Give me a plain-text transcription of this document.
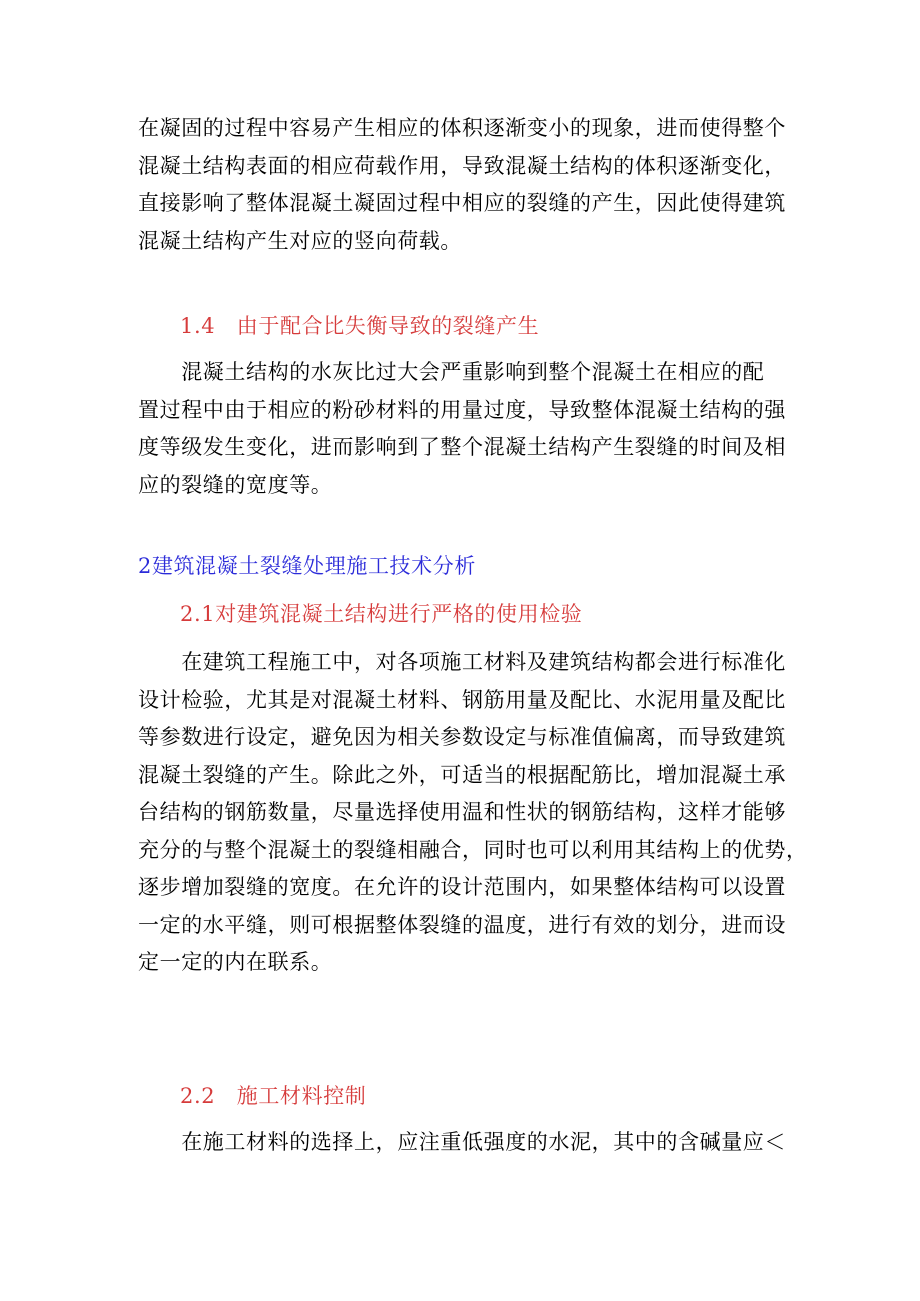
在凝固的过程中容易产生相应的体积逐渐变小的现象，进而使得整个
混凝土结构表面的相应荷载作用，导致混凝土结构的体积逐渐变化，
直接影响了整体混凝土凝固过程中相应的裂缝的产生，因此使得建筑
混凝土结构产生对应的竖向荷载。
1.4　由于配合比失衡导致的裂缝产生
　　混凝土结构的水灰比过大会严重影响到整个混凝土在相应的配
置过程中由于相应的粉砂材料的用量过度，导致整体混凝土结构的强
度等级发生变化，进而影响到了整个混凝土结构产生裂缝的时间及相
应的裂缝的宽度等。
2建筑混凝土裂缝处理施工技术分析
2.1对建筑混凝土结构进行严格的使用检验
　　在建筑工程施工中，对各项施工材料及建筑结构都会进行标准化
设计检验，尤其是对混凝土材料、钢筋用量及配比、水泥用量及配比
等参数进行设定，避免因为相关参数设定与标准值偏离，而导致建筑
混凝土裂缝的产生。除此之外，可适当的根据配筋比，增加混凝土承
台结构的钢筋数量，尽量选择使用温和性状的钢筋结构，这样才能够
充分的与整个混凝土的裂缝相融合，同时也可以利用其结构上的优势，
逐步增加裂缝的宽度。在允许的设计范围内，如果整体结构可以设置
一定的水平缝，则可根据整体裂缝的温度，进行有效的划分，进而设
定一定的内在联系。
2.2　施工材料控制
　　在施工材料的选择上，应注重低强度的水泥，其中的含碱量应＜
